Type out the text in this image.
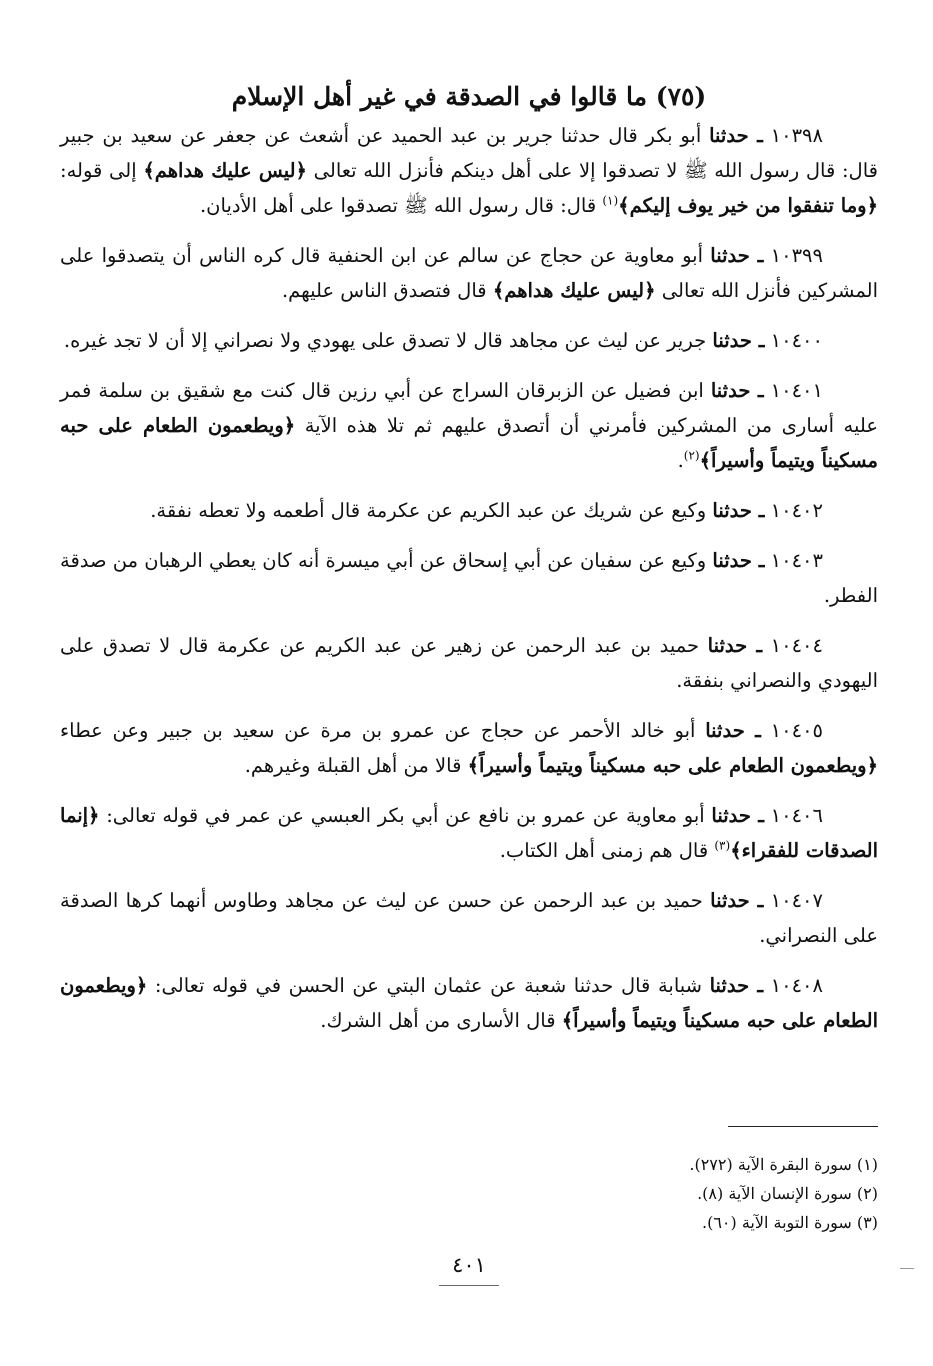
(٧٥) ما قالوا في الصدقة في غير أهل الإسلام

١٠٣٩٨ ـ حدثنا أبو بكر قال حدثنا جرير بن عبد الحميد عن أشعث عن جعفر عن سعيد بن جبير قال: قال رسول الله ﷺ لا تصدقوا إلا على أهل دينكم فأنزل الله تعالى ﴿ليس عليك هداهم﴾ إلى قوله: ﴿وما تنفقوا من خير يوف إليكم﴾$^{(١)}$ قال: قال رسول الله ﷺ تصدقوا على أهل الأديان.

١٠٣٩٩ ـ حدثنا أبو معاوية عن حجاج عن سالم عن ابن الحنفية قال كره الناس أن يتصدقوا على المشركين فأنزل الله تعالى ﴿ليس عليك هداهم﴾ قال فتصدق الناس عليهم.

١٠٤٠٠ ـ حدثنا جرير عن ليث عن مجاهد قال لا تصدق على يهودي ولا نصراني إلا أن لا تجد غيره.

١٠٤٠١ ـ حدثنا ابن فضيل عن الزبرقان السراج عن أبي رزين قال كنت مع شقيق بن سلمة فمر عليه أسارى من المشركين فأمرني أن أتصدق عليهم ثم تلا هذه الآية ﴿ويطعمون الطعام على حبه مسكيناً ويتيماً وأسيراً﴾$^{(٢)}$.

١٠٤٠٢ ـ حدثنا وكيع عن شريك عن عبد الكريم عن عكرمة قال أطعمه ولا تعطه نفقة.

١٠٤٠٣ ـ حدثنا وكيع عن سفيان عن أبي إسحاق عن أبي ميسرة أنه كان يعطي الرهبان من صدقة الفطر.

١٠٤٠٤ ـ حدثنا حميد بن عبد الرحمن عن زهير عن عبد الكريم عن عكرمة قال لا تصدق على اليهودي والنصراني بنفقة.

١٠٤٠٥ ـ حدثنا أبو خالد الأحمر عن حجاج عن عمرو بن مرة عن سعيد بن جبير وعن عطاء ﴿ويطعمون الطعام على حبه مسكيناً ويتيماً وأسيراً﴾ قالا من أهل القبلة وغيرهم.

١٠٤٠٦ ـ حدثنا أبو معاوية عن عمرو بن نافع عن أبي بكر العبسي عن عمر في قوله تعالى: ﴿إنما الصدقات للفقراء﴾$^{(٣)}$ قال هم زمنى أهل الكتاب.

١٠٤٠٧ ـ حدثنا حميد بن عبد الرحمن عن حسن عن ليث عن مجاهد وطاوس أنهما كرها الصدقة على النصراني.

١٠٤٠٨ ـ حدثنا شبابة قال حدثنا شعبة عن عثمان البتي عن الحسن في قوله تعالى: ﴿ويطعمون الطعام على حبه مسكيناً ويتيماً وأسيراً﴾ قال الأسارى من أهل الشرك.

(١) سورة البقرة الآية (٢٧٢).

(٢) سورة الإنسان الآية (٨).

(٣) سورة التوبة الآية (٦٠).

٤٠١
